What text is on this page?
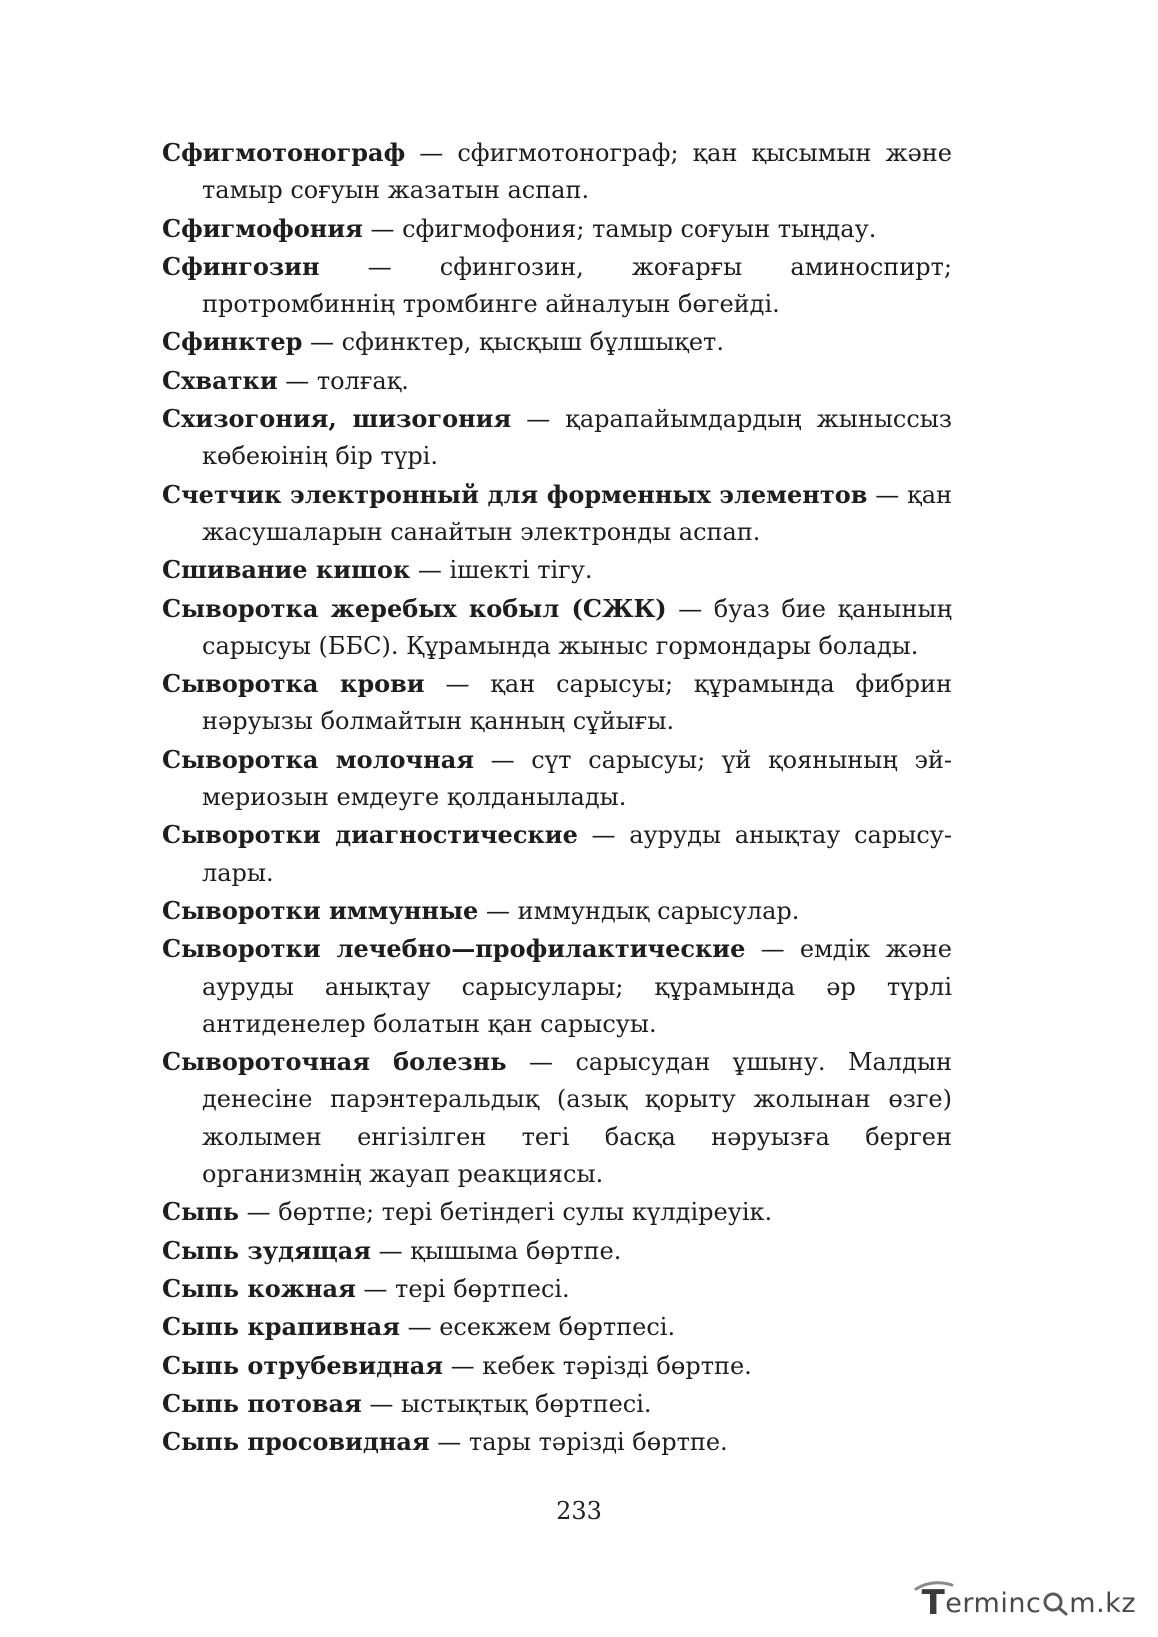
Сфигмотонограф — сфигмотонограф; қан қысымын және тамыр соғуын жазатын аспап.

Сфигмофония — сфигмофония; тамыр соғуын тыңдау.

Сфингозин — сфингозин, жоғарғы аминоспирт; протромбиннің тромбинге айналуын бөгейді.

Сфинктер — сфинктер, қысқыш бұлшықет.

Схватки — толғақ.

Схизогония, шизогония — қарапайымдардың жыныссыз көбеюінің бір түрі.

Счетчик электронный для форменных элементов — қан жасушаларын санайтын электронды аспап.

Сшивание кишок — ішекті тігу.

Сыворотка жеребых кобыл (СЖК) — буаз бие қанының сарысуы (ББС). Құрамында жыныс гормондары болады.

Сыворотка крови — қан сарысуы; құрамында фибрин нәруызы болмайтын қанның сұйығы.

Сыворотка молочная — сүт сарысуы; үй қоянының эймериозын емдеуге қолданылады.

Сыворотки диагностические — ауруды анықтау сарысулары.

Сыворотки иммунные — иммундық сарысулар.

Сыворотки лечебно—профилактические — емдік және ауруды анықтау сарысулары; құрамында әр түрлі антиденелер болатын қан сарысуы.

Сывороточная болезнь — сарысудан ұшыну. Малдын денесіне парэнтеральдық (азық қорыту жолынан өзге) жолымен енгізілген тегі басқа нәруызға берген организмнің жауап реакциясы.

Сыпь — бөртпе; тері бетіндегі сулы күлдіреуік.

Сыпь зудящая — қышыма бөртпе.

Сыпь кожная — тері бөртпесі.

Сыпь крапивная — есекжем бөртпесі.

Сыпь отрубевидная — кебек тәрізді бөртпе.

Сыпь потовая — ыстықтық бөртпесі.

Сыпь просовидная — тары тәрізді бөртпе.

233
T erminc m.kz
